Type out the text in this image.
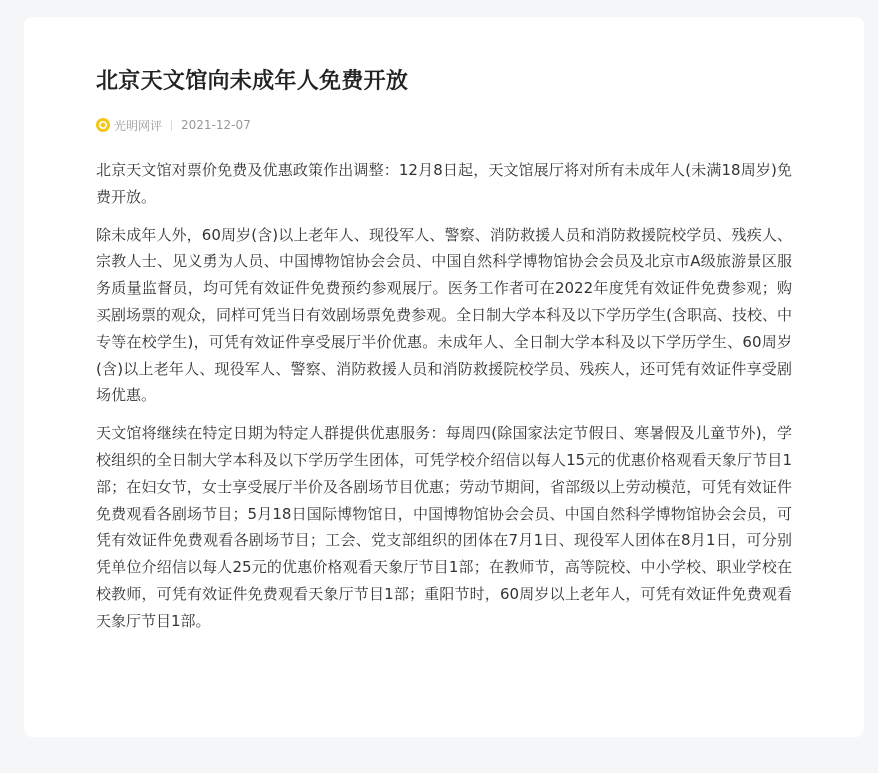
北京天文馆向未成年人免费开放
光明网评 2021-12-07

北京天文馆对票价免费及优惠政策作出调整：12月8日起，天文馆展厅将对所有未成年人(未满18周岁)免费开放。

除未成年人外，60周岁(含)以上老年人、现役军人、警察、消防救援人员和消防救援院校学员、残疾人、宗教人士、见义勇为人员、中国博物馆协会会员、中国自然科学博物馆协会会员及北京市A级旅游景区服务质量监督员，均可凭有效证件免费预约参观展厅。医务工作者可在2022年度凭有效证件免费参观；购买剧场票的观众，同样可凭当日有效剧场票免费参观。全日制大学本科及以下学历学生(含职高、技校、中专等在校学生)，可凭有效证件享受展厅半价优惠。未成年人、全日制大学本科及以下学历学生、60周岁(含)以上老年人、现役军人、警察、消防救援人员和消防救援院校学员、残疾人，还可凭有效证件享受剧场优惠。

天文馆将继续在特定日期为特定人群提供优惠服务：每周四(除国家法定节假日、寒暑假及儿童节外)，学校组织的全日制大学本科及以下学历学生团体，可凭学校介绍信以每人15元的优惠价格观看天象厅节目1部；在妇女节，女士享受展厅半价及各剧场节目优惠；劳动节期间，省部级以上劳动模范，可凭有效证件免费观看各剧场节目；5月18日国际博物馆日，中国博物馆协会会员、中国自然科学博物馆协会会员，可凭有效证件免费观看各剧场节目；工会、党支部组织的团体在7月1日、现役军人团体在8月1日，可分别凭单位介绍信以每人25元的优惠价格观看天象厅节目1部；在教师节，高等院校、中小学校、职业学校在校教师，可凭有效证件免费观看天象厅节目1部；重阳节时，60周岁以上老年人，可凭有效证件免费观看天象厅节目1部。
